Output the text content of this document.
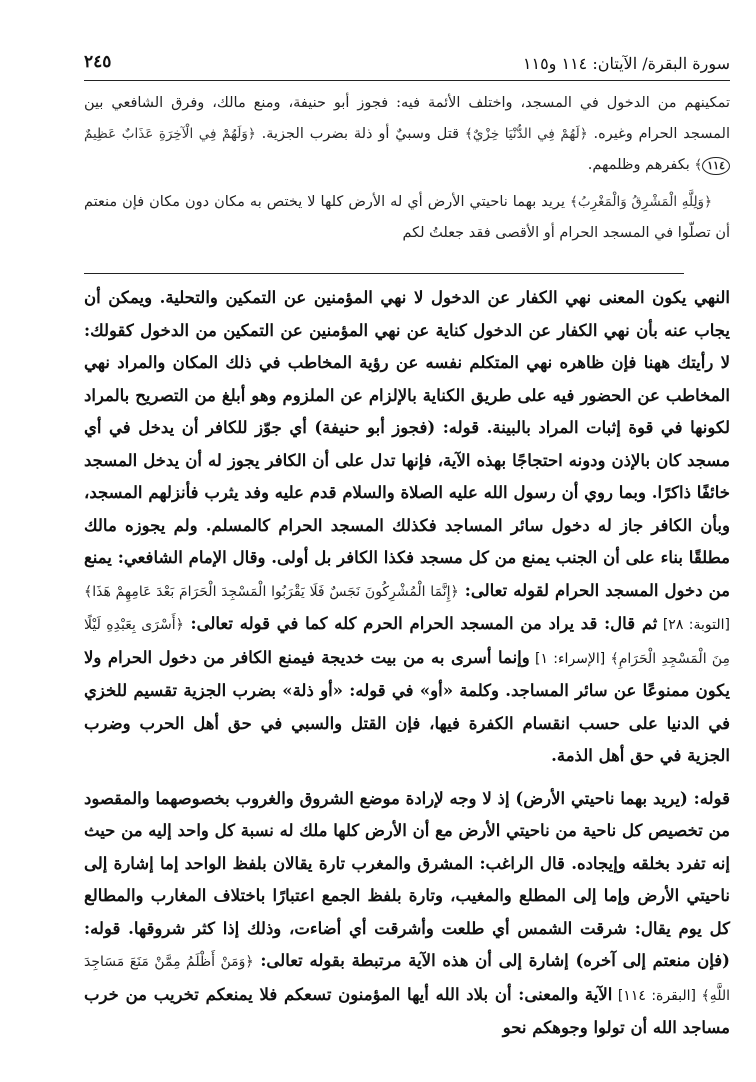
سورة البقرة/ الآيتان: ١١٤ و١١٥
٢٤٥

تمكينهم من الدخول في المسجد، واختلف الأئمة فيه: فجوز أبو حنيفة، ومنع مالك، وفرق الشافعي بين المسجد الحرام وغيره. ﴿لَهُمْ فِي الدُّنْيَا خِزْيٌ﴾ قتل وسبيٌ أو ذلة بضرب الجزية. ﴿وَلَهُمْ فِي الْآخِرَةِ عَذَابٌ عَظِيمٌ ١١٤﴾ بكفرهم وظلمهم.

﴿وَلِلَّهِ الْمَشْرِقُ وَالْمَغْرِبُ﴾ يريد بهما ناحيتي الأرض أي له الأرض كلها لا يختص به مكان دون مكان فإن منعتم أن تصلّوا في المسجد الحرام أو الأقصى فقد جعلتُ لكم

النهي يكون المعنى نهي الكفار عن الدخول لا نهي المؤمنين عن التمكين والتحلية. ويمكن أن يجاب عنه بأن نهي الكفار عن الدخول كناية عن نهي المؤمنين عن التمكين من الدخول كقولك: لا رأيتك ههنا فإن ظاهره نهي المتكلم نفسه عن رؤية المخاطب في ذلك المكان والمراد نهي المخاطب عن الحضور فيه على طريق الكناية بالإلزام عن الملزوم وهو أبلغ من التصريح بالمراد لكونها في قوة إثبات المراد بالبينة. قوله: (فجوز أبو حنيفة) أي جوّز للكافر أن يدخل في أي مسجد كان بالإذن ودونه احتجاجًا بهذه الآية، فإنها تدل على أن الكافر يجوز له أن يدخل المسجد خائفًا ذاكرًا. وبما روي أن رسول الله عليه الصلاة والسلام قدم عليه وفد يثرب فأنزلهم المسجد، وبأن الكافر جاز له دخول سائر المساجد فكذلك المسجد الحرام كالمسلم. ولم يجوزه مالك مطلقًا بناء على أن الجنب يمنع من كل مسجد فكذا الكافر بل أولى. وقال الإمام الشافعي: يمنع من دخول المسجد الحرام لقوله تعالى: ﴿إِنَّمَا الْمُشْرِكُونَ نَجَسٌ فَلَا يَقْرَبُوا الْمَسْجِدَ الْحَرَامَ بَعْدَ عَامِهِمْ هَذَا﴾ [التوبة: ٢٨] ثم قال: قد يراد من المسجد الحرام الحرم كله كما في قوله تعالى: ﴿أَسْرَى بِعَبْدِهِ لَيْلًا مِنَ الْمَسْجِدِ الْحَرَامِ﴾ [الإسراء: ١] وإنما أسرى به من بيت خديجة فيمنع الكافر من دخول الحرام ولا يكون ممنوعًا عن سائر المساجد. وكلمة «أو» في قوله: «أو ذلة» بضرب الجزية تقسيم للخزي في الدنيا على حسب انقسام الكفرة فيها، فإن القتل والسبي في حق أهل الحرب وضرب الجزية في حق أهل الذمة.

قوله: (يريد بهما ناحيتي الأرض) إذ لا وجه لإرادة موضع الشروق والغروب بخصوصهما والمقصود من تخصيص كل ناحية من ناحيتي الأرض مع أن الأرض كلها ملك له نسبة كل واحد إليه من حيث إنه تفرد بخلقه وإيجاده. قال الراغب: المشرق والمغرب تارة يقالان بلفظ الواحد إما إشارة إلى ناحيتي الأرض وإما إلى المطلع والمغيب، وتارة بلفظ الجمع اعتبارًا باختلاف المغارب والمطالع كل يوم يقال: شرقت الشمس أي طلعت وأشرقت أي أضاءت، وذلك إذا كثر شروقها. قوله: (فإن منعتم إلى آخره) إشارة إلى أن هذه الآية مرتبطة بقوله تعالى: ﴿وَمَنْ أَظْلَمُ مِمَّنْ مَنَعَ مَسَاجِدَ اللَّهِ﴾ [البقرة: ١١٤] الآية والمعنى: أن بلاد الله أيها المؤمنون تسعكم فلا يمنعكم تخريب من خرب مساجد الله أن تولوا وجوهكم نحو
